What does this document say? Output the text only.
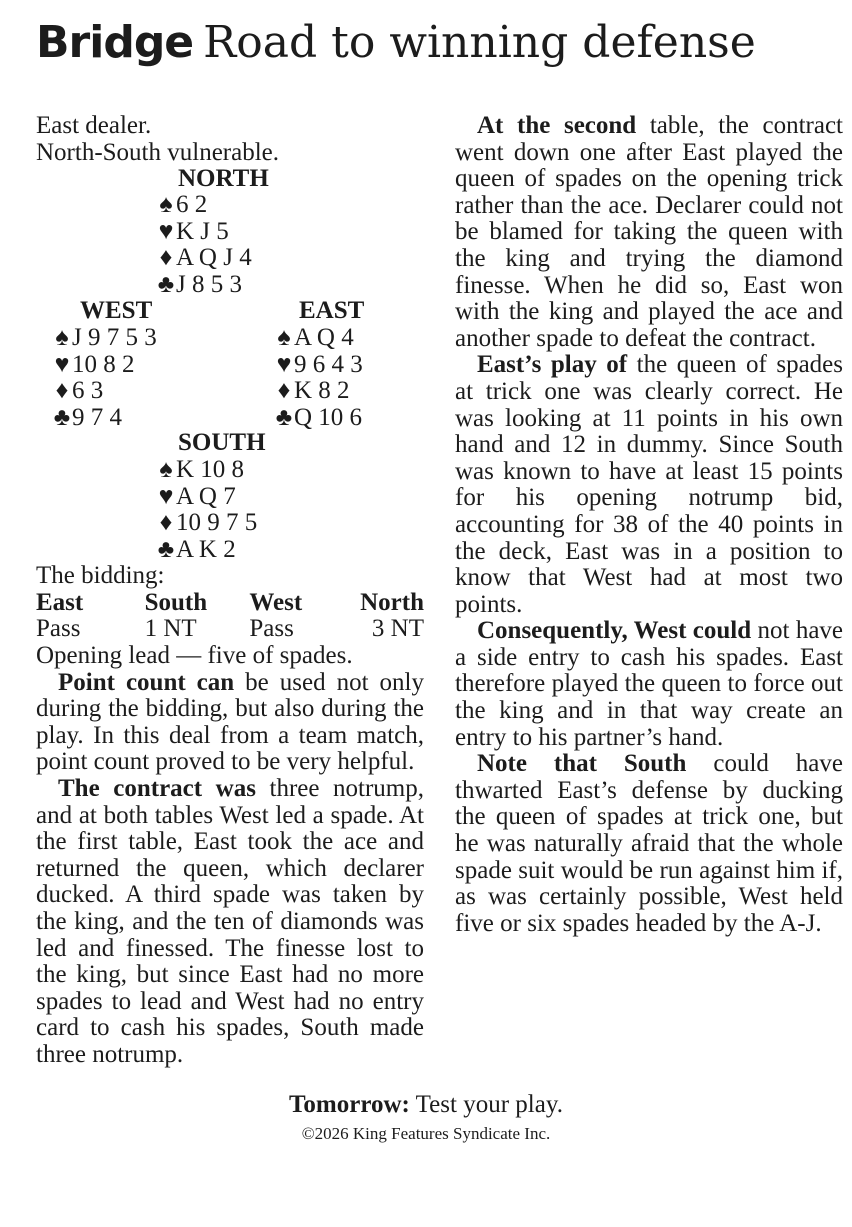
Bridge Road to winning defense
East dealer.
North-South vulnerable.
NORTH
♠ 6 2
♥ K J 5
♦ A Q J 4
♣J 8 5 3
WEST
♠ J 9 7 5 3
♥ 10 8 2
♦ 6 3
♣9 7 4
EAST
♠ A Q 4
♥ 9 6 4 3
♦ K 8 2
♣Q 10 6
SOUTH
♠ K 10 8
♥ A Q 7
♦ 10 9 7 5
♣A K 2
The bidding:
East	South	West	North
Pass	1 NT	Pass	3 NT
Opening lead — five of spades.

Point count can be used not only during the bidding, but also during the play. In this deal from a team match, point count proved to be very helpful.

The contract was three notrump, and at both tables West led a spade. At the first table, East took the ace and returned the queen, which declarer ducked. A third spade was taken by the king, and the ten of diamonds was led and finessed. The finesse lost to the king, but since East had no more spades to lead and West had no entry card to cash his spades, South made three notrump.

At the second table, the contract went down one after East played the queen of spades on the opening trick rather than the ace. Declarer could not be blamed for taking the queen with the king and trying the diamond finesse. When he did so, East won with the king and played the ace and another spade to defeat the contract.

East’s play of the queen of spades at trick one was clearly correct. He was looking at 11 points in his own hand and 12 in dummy. Since South was known to have at least 15 points for his opening notrump bid, accounting for 38 of the 40 points in the deck, East was in a position to know that West had at most two points.

Consequently, West could not have a side entry to cash his spades. East therefore played the queen to force out the king and in that way create an entry to his partner’s hand.

Note that South could have thwarted East’s defense by ducking the queen of spades at trick one, but he was naturally afraid that the whole spade suit would be run against him if, as was certainly possible, West held five or six spades headed by the A-J.

Tomorrow: Test your play.
©2026 King Features Syndicate Inc.
